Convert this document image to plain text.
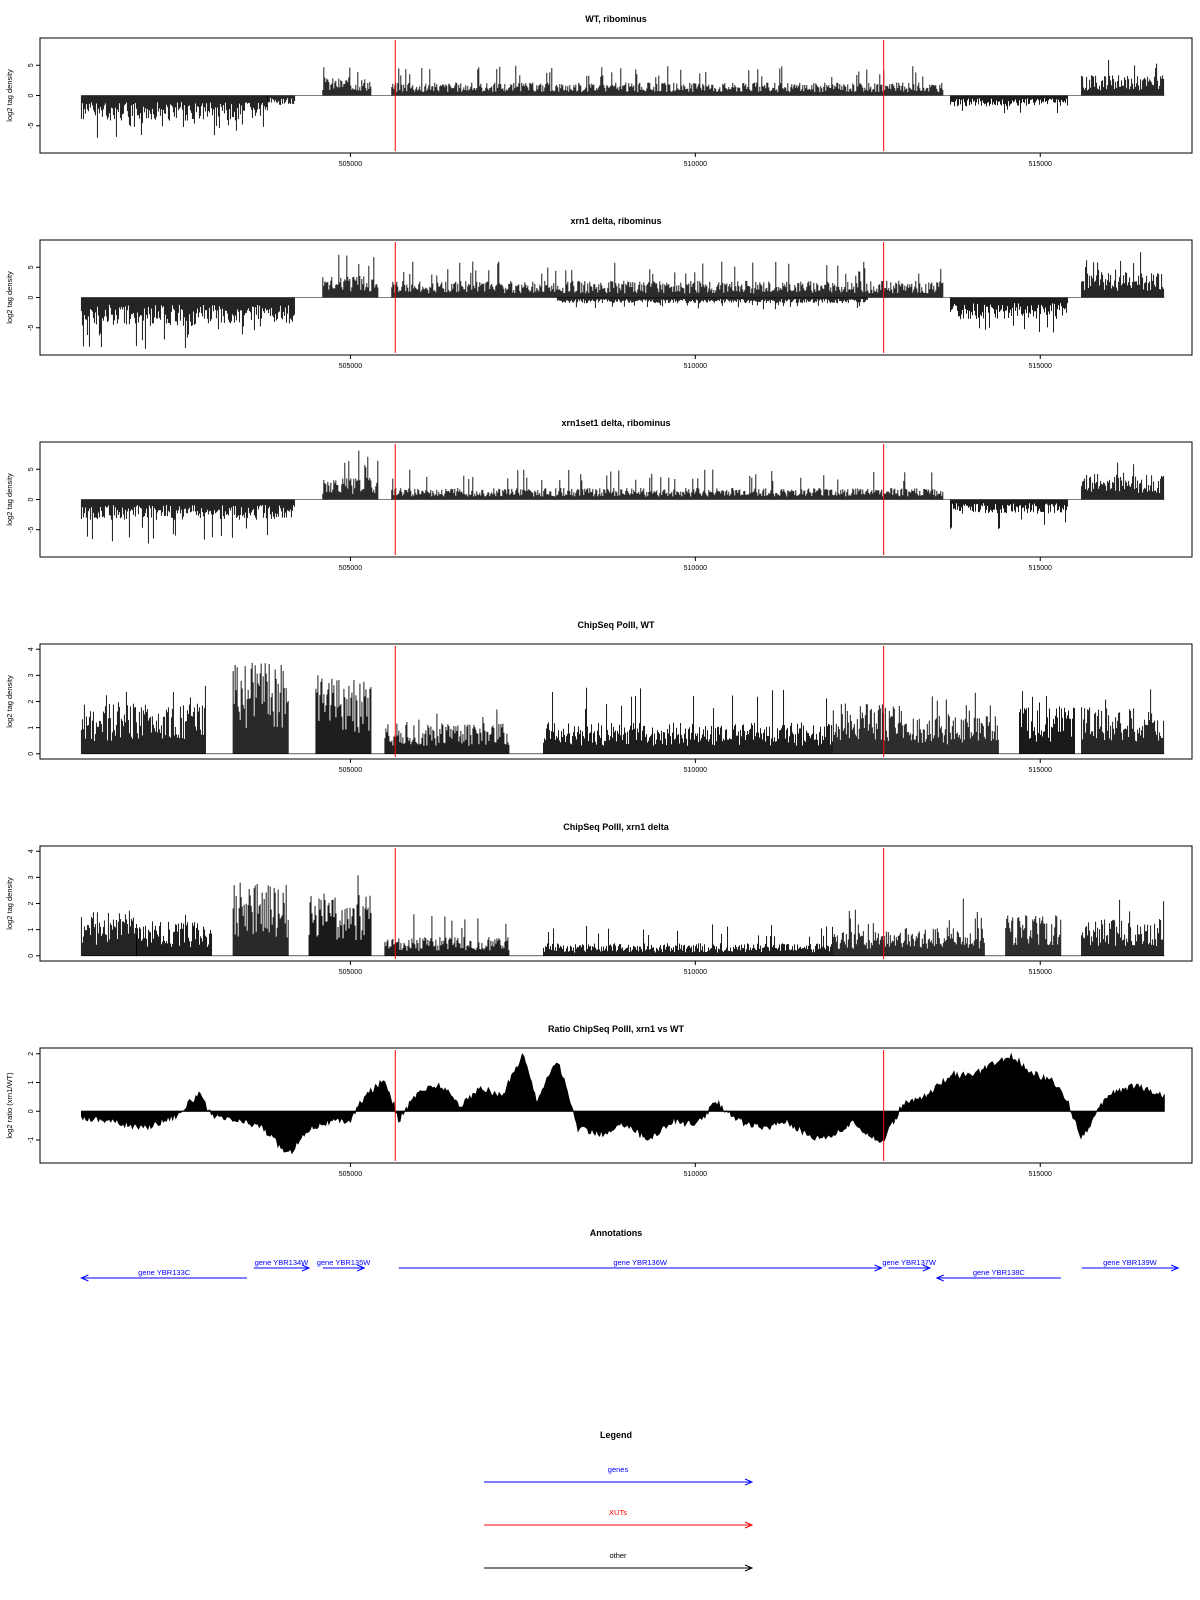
WT, ribominus
log2 tag density
-5
0
5
505000	510000	515000
xrn1 delta, ribominus
log2 tag density
-5
0
5
505000	510000	515000
xrn1set1 delta, ribominus
log2 tag density
-5
0
5
505000	510000	515000
ChipSeq PolII, WT
log2 tag density
0
1
2
3
4
505000	510000	515000
ChipSeq PolII, xrn1 delta
log2 tag density
0
1
2
3
4
505000	510000	515000
Ratio ChipSeq PolII, xrn1 vs WT
log2 ratio (xrn1/WT)
-1
0
1
2
505000	510000	515000
Annotations
gene YBR133C
gene YBR134W gene YBR135W	gene YBR136W	gene YBR137W
gene YBR138C
gene YBR139W
Legend
genes
XUTs
other
